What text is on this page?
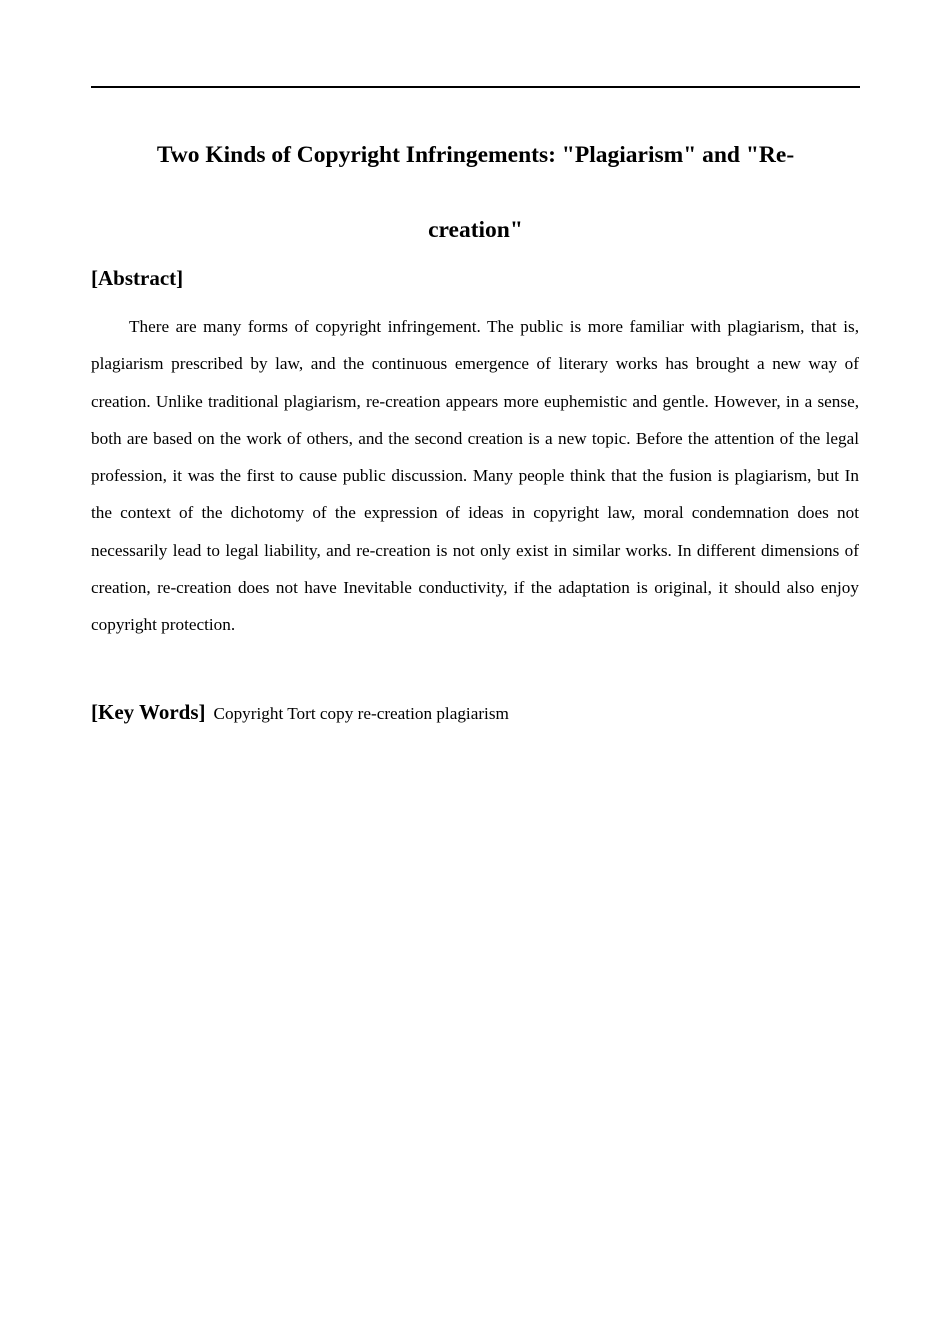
Two Kinds of Copyright Infringements: "Plagiarism" and "Re-
creation"
[Abstract]

There are many forms of copyright infringement. The public is more familiar with plagiarism, that is, plagiarism prescribed by law, and the continuous emergence of literary works has brought a new way of creation. Unlike traditional plagiarism, re-creation appears more euphemistic and gentle. However, in a sense, both are based on the work of others, and the second creation is a new topic. Before the attention of the legal profession, it was the first to cause public discussion. Many people think that the fusion is plagiarism, but In the context of the dichotomy of the expression of ideas in copyright law, moral condemnation does not necessarily lead to legal liability, and re-creation is not only exist in similar works. In different dimensions of creation, re-creation does not have Inevitable conductivity, if the adaptation is original, it should also enjoy copyright protection.

[Key Words] Copyright Tort copy re-creation plagiarism
